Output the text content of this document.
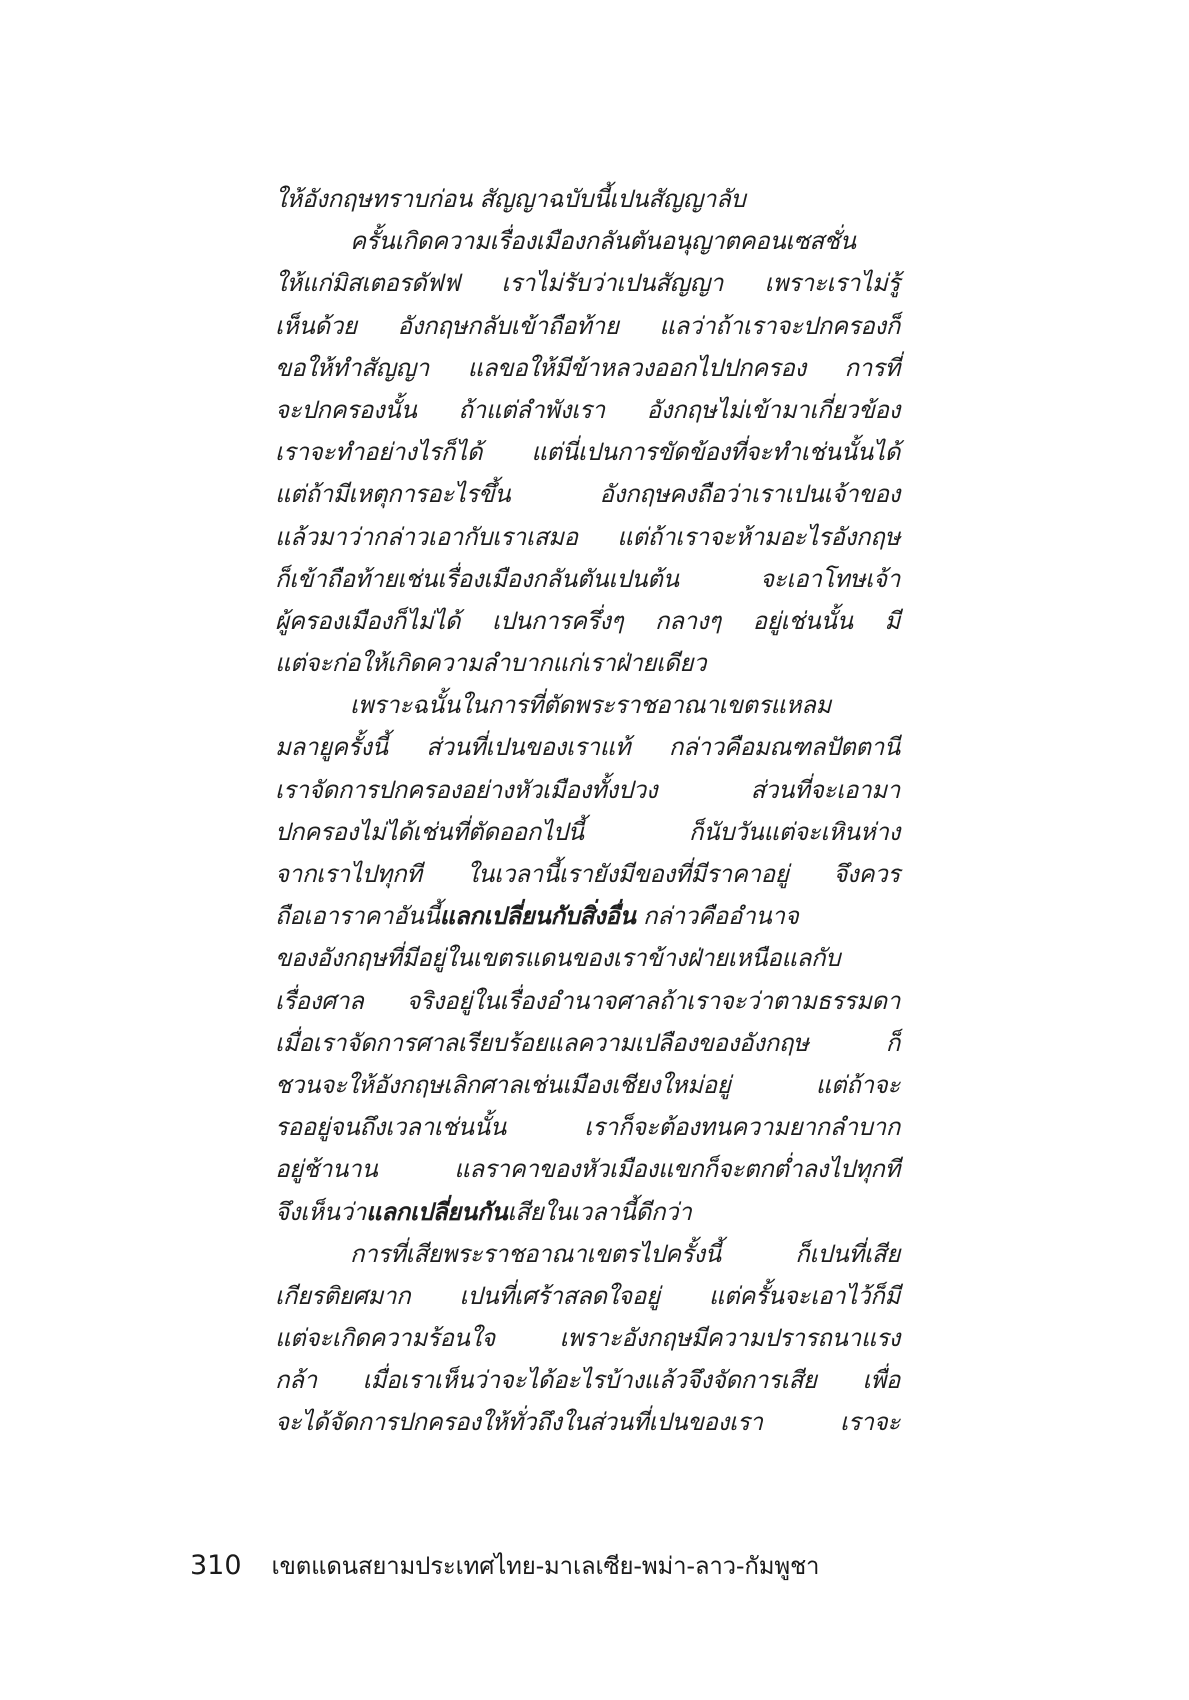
ให้อังกฤษทราบก่อน สัญญาฉบับนี้เปนสัญญาลับ
ครั้นเกิดความเรื่องเมืองกลันตันอนุญาตคอนเซสชั่น
ให้แก่มิสเตอรดัฟฟ เราไม่รับว่าเปนสัญญา เพราะเราไม่รู้
เห็นด้วย อังกฤษกลับเข้าถือท้าย แลว่าถ้าเราจะปกครองก็
ขอให้ทำสัญญา แลขอให้มีข้าหลวงออกไปปกครอง การที่
จะปกครองนั้น ถ้าแต่ลำพังเรา อังกฤษไม่เข้ามาเกี่ยวข้อง
เราจะทำอย่างไรก็ได้ แต่นี่เปนการขัดข้องที่จะทำเช่นนั้นได้
แต่ถ้ามีเหตุการอะไรขึ้น อังกฤษคงถือว่าเราเปนเจ้าของ
แล้วมาว่ากล่าวเอากับเราเสมอ แต่ถ้าเราจะห้ามอะไรอังกฤษ
ก็เข้าถือท้ายเช่นเรื่องเมืองกลันตันเปนต้น จะเอาโทษเจ้า
ผู้ครองเมืองก็ไม่ได้ เปนการครึ่งๆ กลางๆ อยู่เช่นนั้น มี
แต่จะก่อให้เกิดความลำบากแก่เราฝ่ายเดียว
เพราะฉนั้นในการที่ตัดพระราชอาณาเขตรแหลม
มลายูครั้งนี้ ส่วนที่เปนของเราแท้ กล่าวคือมณฑลปัตตานี
เราจัดการปกครองอย่างหัวเมืองทั้งปวง ส่วนที่จะเอามา
ปกครองไม่ได้เช่นที่ตัดออกไปนี้ ก็นับวันแต่จะเหินห่าง
จากเราไปทุกที ในเวลานี้เรายังมีของที่มีราคาอยู่ จึงควร
ถือเอาราคาอันนี้แลกเปลี่ยนกับสิ่งอื่น กล่าวคืออำนาจ
ของอังกฤษที่มีอยู่ในเขตรแดนของเราข้างฝ่ายเหนือแลกับ
เรื่องศาล จริงอยู่ในเรื่องอำนาจศาลถ้าเราจะว่าตามธรรมดา
เมื่อเราจัดการศาลเรียบร้อยแลความเปลืองของอังกฤษ ก็
ชวนจะให้อังกฤษเลิกศาลเช่นเมืองเชียงใหม่อยู่ แต่ถ้าจะ
รออยู่จนถึงเวลาเช่นนั้น เราก็จะต้องทนความยากลำบาก
อยู่ช้านาน แลราคาของหัวเมืองแขกก็จะตกต่ำลงไปทุกที
จึงเห็นว่าแลกเปลี่ยนกันเสียในเวลานี้ดีกว่า
การที่เสียพระราชอาณาเขตรไปครั้งนี้ ก็เปนที่เสีย
เกียรติยศมาก เปนที่เศร้าสลดใจอยู่ แต่ครั้นจะเอาไว้ก็มี
แต่จะเกิดความร้อนใจ เพราะอังกฤษมีความปรารถนาแรง
กล้า เมื่อเราเห็นว่าจะได้อะไรบ้างแล้วจึงจัดการเสีย เพื่อ
จะได้จัดการปกครองให้ทั่วถึงในส่วนที่เปนของเรา เราจะ
310 เขตแดนสยามประเทศไทย-มาเลเซีย-พม่า-ลาว-กัมพูชา
